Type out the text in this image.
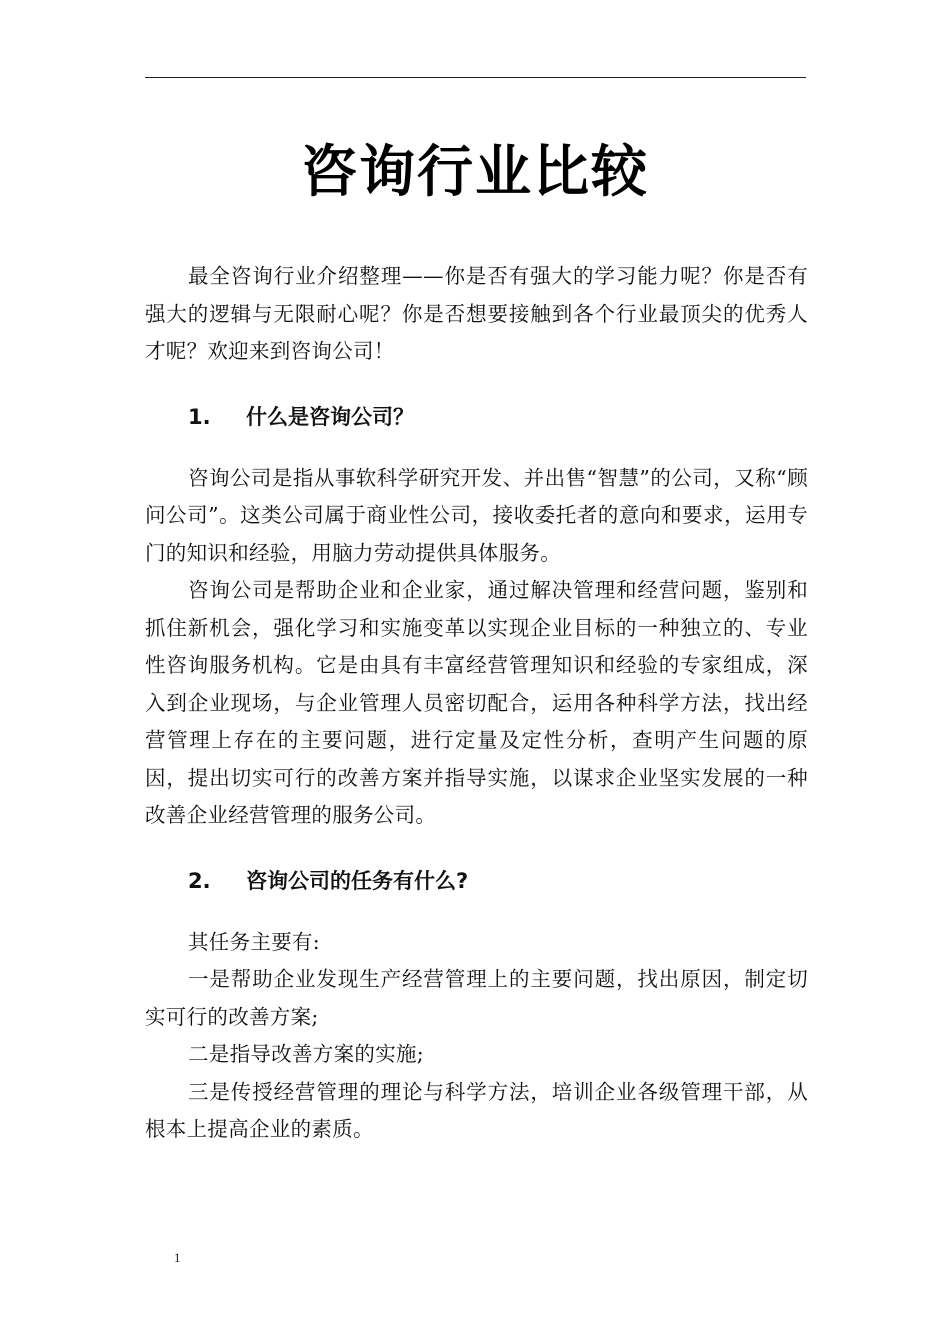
咨询行业比较

最全咨询行业介绍整理——你是否有强大的学习能力呢？你是否有强大的逻辑与无限耐心呢？你是否想要接触到各个行业最顶尖的优秀人才呢？欢迎来到咨询公司！

1.	什么是咨询公司？

咨询公司是指从事软科学研究开发、并出售“智慧”的公司，又称“顾问公司”。这类公司属于商业性公司，接收委托者的意向和要求，运用专门的知识和经验，用脑力劳动提供具体服务。

咨询公司是帮助企业和企业家，通过解决管理和经营问题，鉴别和抓住新机会，强化学习和实施变革以实现企业目标的一种独立的、专业性咨询服务机构。它是由具有丰富经营管理知识和经验的专家组成，深入到企业现场，与企业管理人员密切配合，运用各种科学方法，找出经营管理上存在的主要问题，进行定量及定性分析，查明产生问题的原因，提出切实可行的改善方案并指导实施，以谋求企业坚实发展的一种改善企业经营管理的服务公司。

2.	咨询公司的任务有什么?

其任务主要有:

一是帮助企业发现生产经营管理上的主要问题，找出原因，制定切实可行的改善方案;

二是指导改善方案的实施;

三是传授经营管理的理论与科学方法，培训企业各级管理干部，从根本上提高企业的素质。

1
